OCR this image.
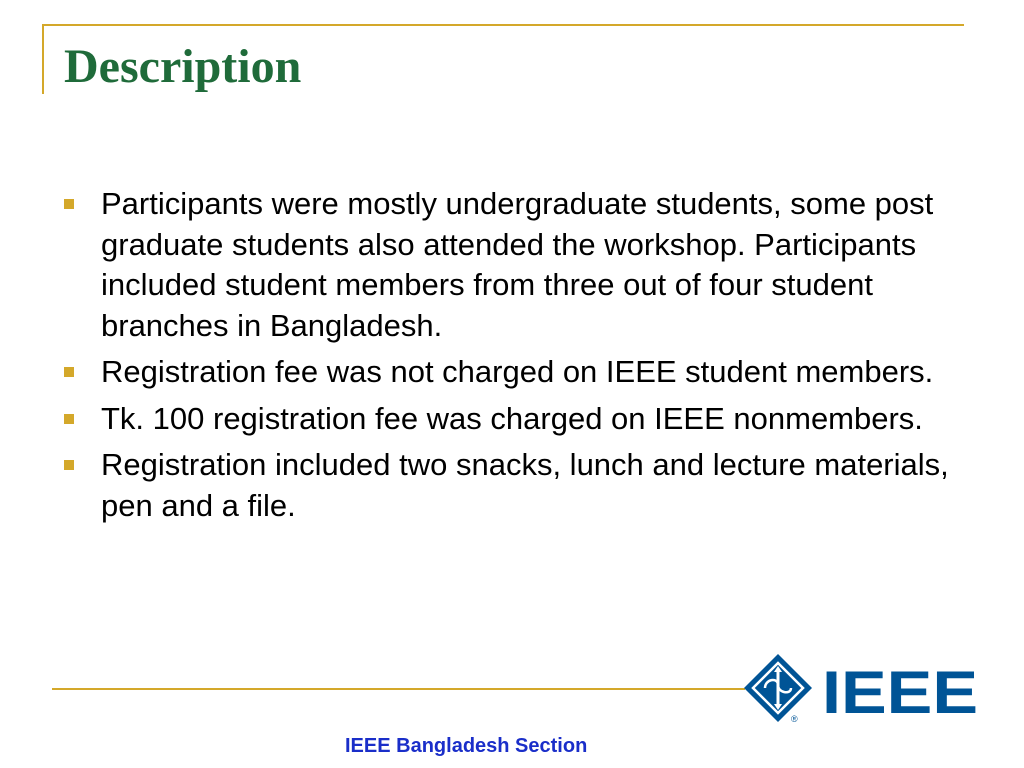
Description
Participants were mostly undergraduate students, some post graduate students also attended the workshop. Participants included student members from three out of four student branches in Bangladesh.
Registration fee was not charged on IEEE student members.
Tk. 100 registration fee was charged on IEEE nonmembers.
Registration included two snacks, lunch and lecture materials, pen and a file.
IEEE
®
IEEE Bangladesh Section
